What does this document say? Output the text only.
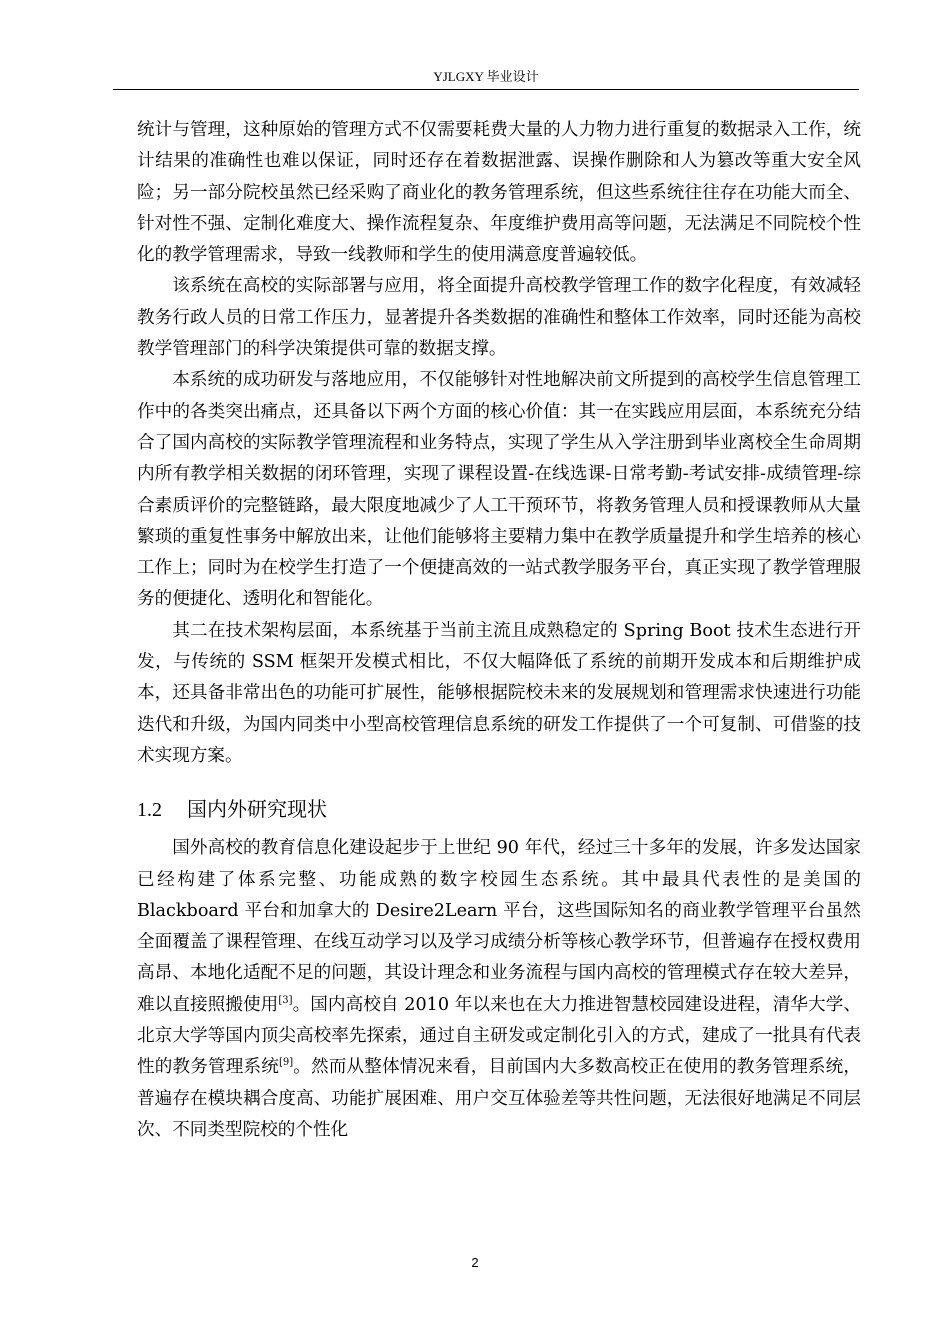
YJLGXY 毕业设计

统计与管理，这种原始的管理方式不仅需要耗费大量的人力物力进行重复的数据录入工作，统计结果的准确性也难以保证，同时还存在着数据泄露、误操作删除和人为篡改等重大安全风险；另一部分院校虽然已经采购了商业化的教务管理系统，但这些系统往往存在功能大而全、针对性不强、定制化难度大、操作流程复杂、年度维护费用高等问题，无法满足不同院校个性化的教学管理需求，导致一线教师和学生的使用满意度普遍较低。

该系统在高校的实际部署与应用，将全面提升高校教学管理工作的数字化程度，有效减轻教务行政人员的日常工作压力，显著提升各类数据的准确性和整体工作效率，同时还能为高校教学管理部门的科学决策提供可靠的数据支撑。

本系统的成功研发与落地应用，不仅能够针对性地解决前文所提到的高校学生信息管理工作中的各类突出痛点，还具备以下两个方面的核心价值：其一在实践应用层面，本系统充分结合了国内高校的实际教学管理流程和业务特点，实现了学生从入学注册到毕业离校全生命周期内所有教学相关数据的闭环管理，实现了课程设置-在线选课-日常考勤-考试安排-成绩管理-综合素质评价的完整链路，最大限度地减少了人工干预环节，将教务管理人员和授课教师从大量繁琐的重复性事务中解放出来，让他们能够将主要精力集中在教学质量提升和学生培养的核心工作上；同时为在校学生打造了一个便捷高效的一站式教学服务平台，真正实现了教学管理服务的便捷化、透明化和智能化。

其二在技术架构层面，本系统基于当前主流且成熟稳定的 Spring Boot 技术生态进行开发，与传统的 SSM 框架开发模式相比，不仅大幅降低了系统的前期开发成本和后期维护成本，还具备非常出色的功能可扩展性，能够根据院校未来的发展规划和管理需求快速进行功能迭代和升级，为国内同类中小型高校管理信息系统的研发工作提供了一个可复制、可借鉴的技术实现方案。

1.2 国内外研究现状

国外高校的教育信息化建设起步于上世纪 90 年代，经过三十多年的发展，许多发达国家已经构建了体系完整、功能成熟的数字校园生态系统。其中最具代表性的是美国的 Blackboard 平台和加拿大的 Desire2Learn 平台，这些国际知名的商业教学管理平台虽然全面覆盖了课程管理、在线互动学习以及学习成绩分析等核心教学环节，但普遍存在授权费用高昂、本地化适配不足的问题，其设计理念和业务流程与国内高校的管理模式存在较大差异，难以直接照搬使用[3]。国内高校自 2010 年以来也在大力推进智慧校园建设进程，清华大学、北京大学等国内顶尖高校率先探索，通过自主研发或定制化引入的方式，建成了一批具有代表性的教务管理系统[9]。然而从整体情况来看，目前国内大多数高校正在使用的教务管理系统，普遍存在模块耦合度高、功能扩展困难、用户交互体验差等共性问题，无法很好地满足不同层次、不同类型院校的个性化

2
